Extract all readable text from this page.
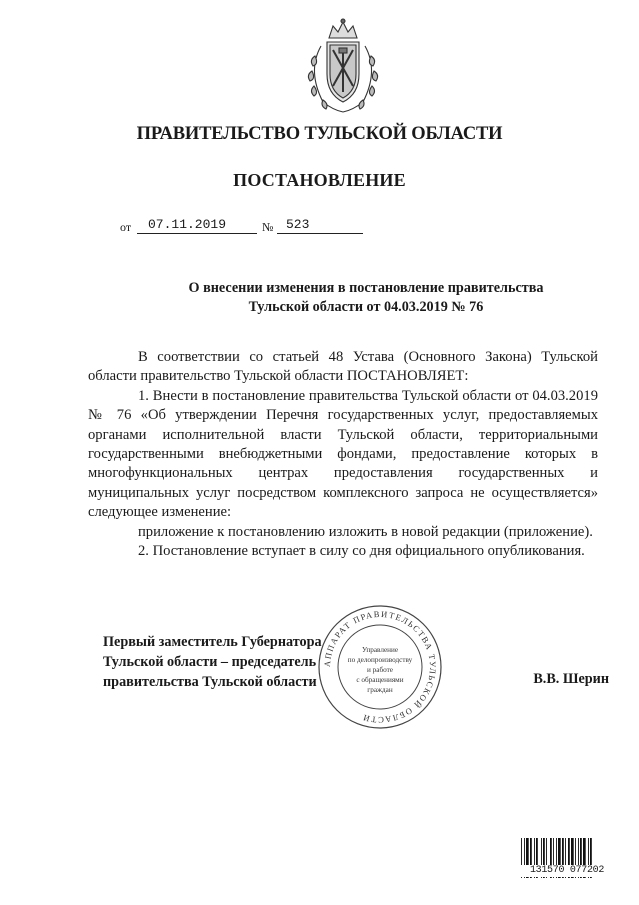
ПРАВИТЕЛЬСТВО ТУЛЬСКОЙ ОБЛАСТИ
ПОСТАНОВЛЕНИЕ
от 07.11.2019	№ 523
О внесении изменения в постановление правительства
Тульской области от 04.03.2019 № 76

В соответствии со статьей 48 Устава (Основного Закона) Тульской области правительство Тульской области ПОСТАНОВЛЯЕТ:

1. Внести в постановление правительства Тульской области от 04.03.2019 № 76 «Об утверждении Перечня государственных услуг, предоставляемых органами исполнительной власти Тульской области, территориальными государственными внебюджетными фондами, предоставление которых в многофункциональных центрах предоставления государственных и муниципальных услуг посредством комплексного запроса не осуществляется» следующее изменение:

приложение к постановлению изложить в новой редакции (приложение).

2. Постановление вступает в силу со дня официального опубликования.

Первый заместитель Губернатора
Тульской области – председатель
правительства Тульской области	В.В. Шерин
АППАРАТ ПРАВИТЕЛЬСТВА ТУЛЬСКОЙ ОБЛАСТИ
Управление
по делопроизводству
и работе
с обращениями
граждан
131570 077202
